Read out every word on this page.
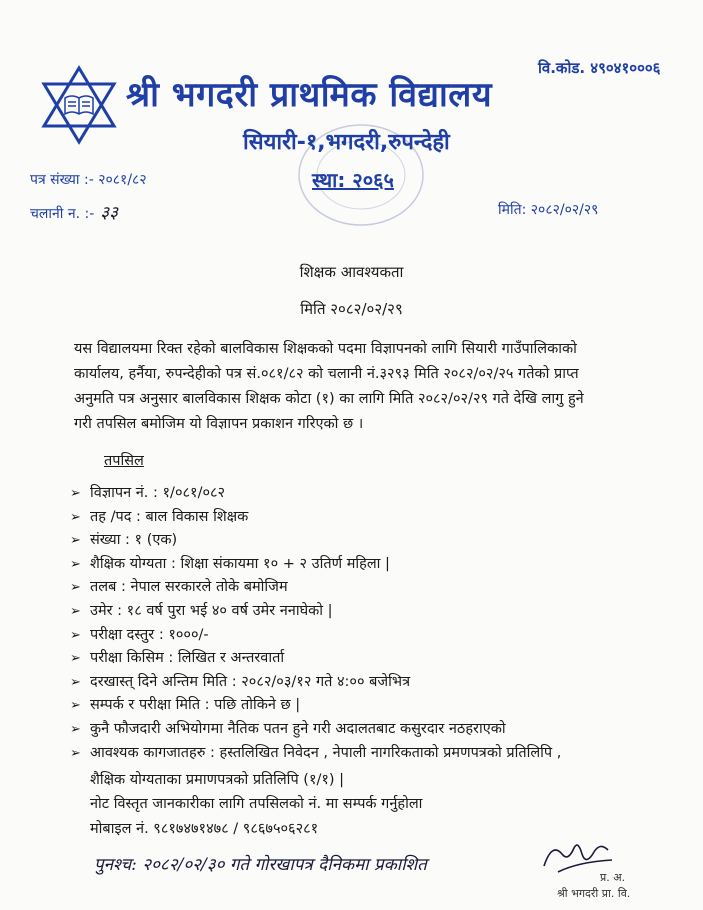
श्री भगदरी प्राथमिक विद्यालय
वि.कोड. ४९०४१०००६
सियारी-१,भगदरी,रुपन्देही
स्था: २०६५
पत्र संख्या :- २०८१/८२
चलानी न. :- ३३	मिति: २०८२/०२/२९
शिक्षक आवश्यकता
मिति २०८२/०२/२९
यस विद्यालयमा रिक्त रहेको बालविकास शिक्षकको पदमा विज्ञापनको लागि सियारी गाउँपालिकाको
कार्यालय, हर्नैया, रुपन्देहीको पत्र सं.०८१/८२ को चलानी नं.३२९३ मिति २०८२/०२/२५ गतेको प्राप्त
अनुमति पत्र अनुसार बालविकास शिक्षक कोटा (१) का लागि मिति २०८२/०२/२९ गते देखि लागु हुने
गरी तपसिल बमोजिम यो विज्ञापन प्रकाशन गरिएको छ ।
तपसिल
➢ विज्ञापन नं. : १/०८१/०८२
➢ तह /पद : बाल विकास शिक्षक
➢ संख्या : १ (एक)
➢ शैक्षिक योग्यता : शिक्षा संकायमा १० + २ उतिर्ण महिला |
➢ तलब : नेपाल सरकारले तोके बमोजिम
➢ उमेर : १८ वर्ष पुरा भई ४० वर्ष उमेर ननाघेको |
➢ परीक्षा दस्तुर : १०००/-
➢ परीक्षा किसिम : लिखित र अन्तरवार्ता
➢ दरखास्त् दिने अन्तिम मिति : २०८२/०३/१२ गते ४:०० बजेभित्र
➢ सम्पर्क र परीक्षा मिति : पछि तोकिने छ |
➢ कुनै फौजदारी अभियोगमा नैतिक पतन हुने गरी अदालतबाट कसुरदार नठहराएको
➢ आवश्यक कागजातहरु : हस्तलिखित निवेदन , नेपाली नागरिकताको प्रमणपत्रको प्रतिलिपि ,
शैक्षिक योग्यताका प्रमाणपत्रको प्रतिलिपि (१/१) |
नोट विस्तृत जानकारीका लागि तपसिलको नं. मा सम्पर्क गर्नुहोला
मोबाइल नं. ९८१७४७१४७८ / ९८६७५०६२८१
पुनश्च: २०८२/०२/३० गते गोरखापत्र दैनिकमा प्रकाशित
प्र. अ.
श्री भगदरी प्रा. वि.
